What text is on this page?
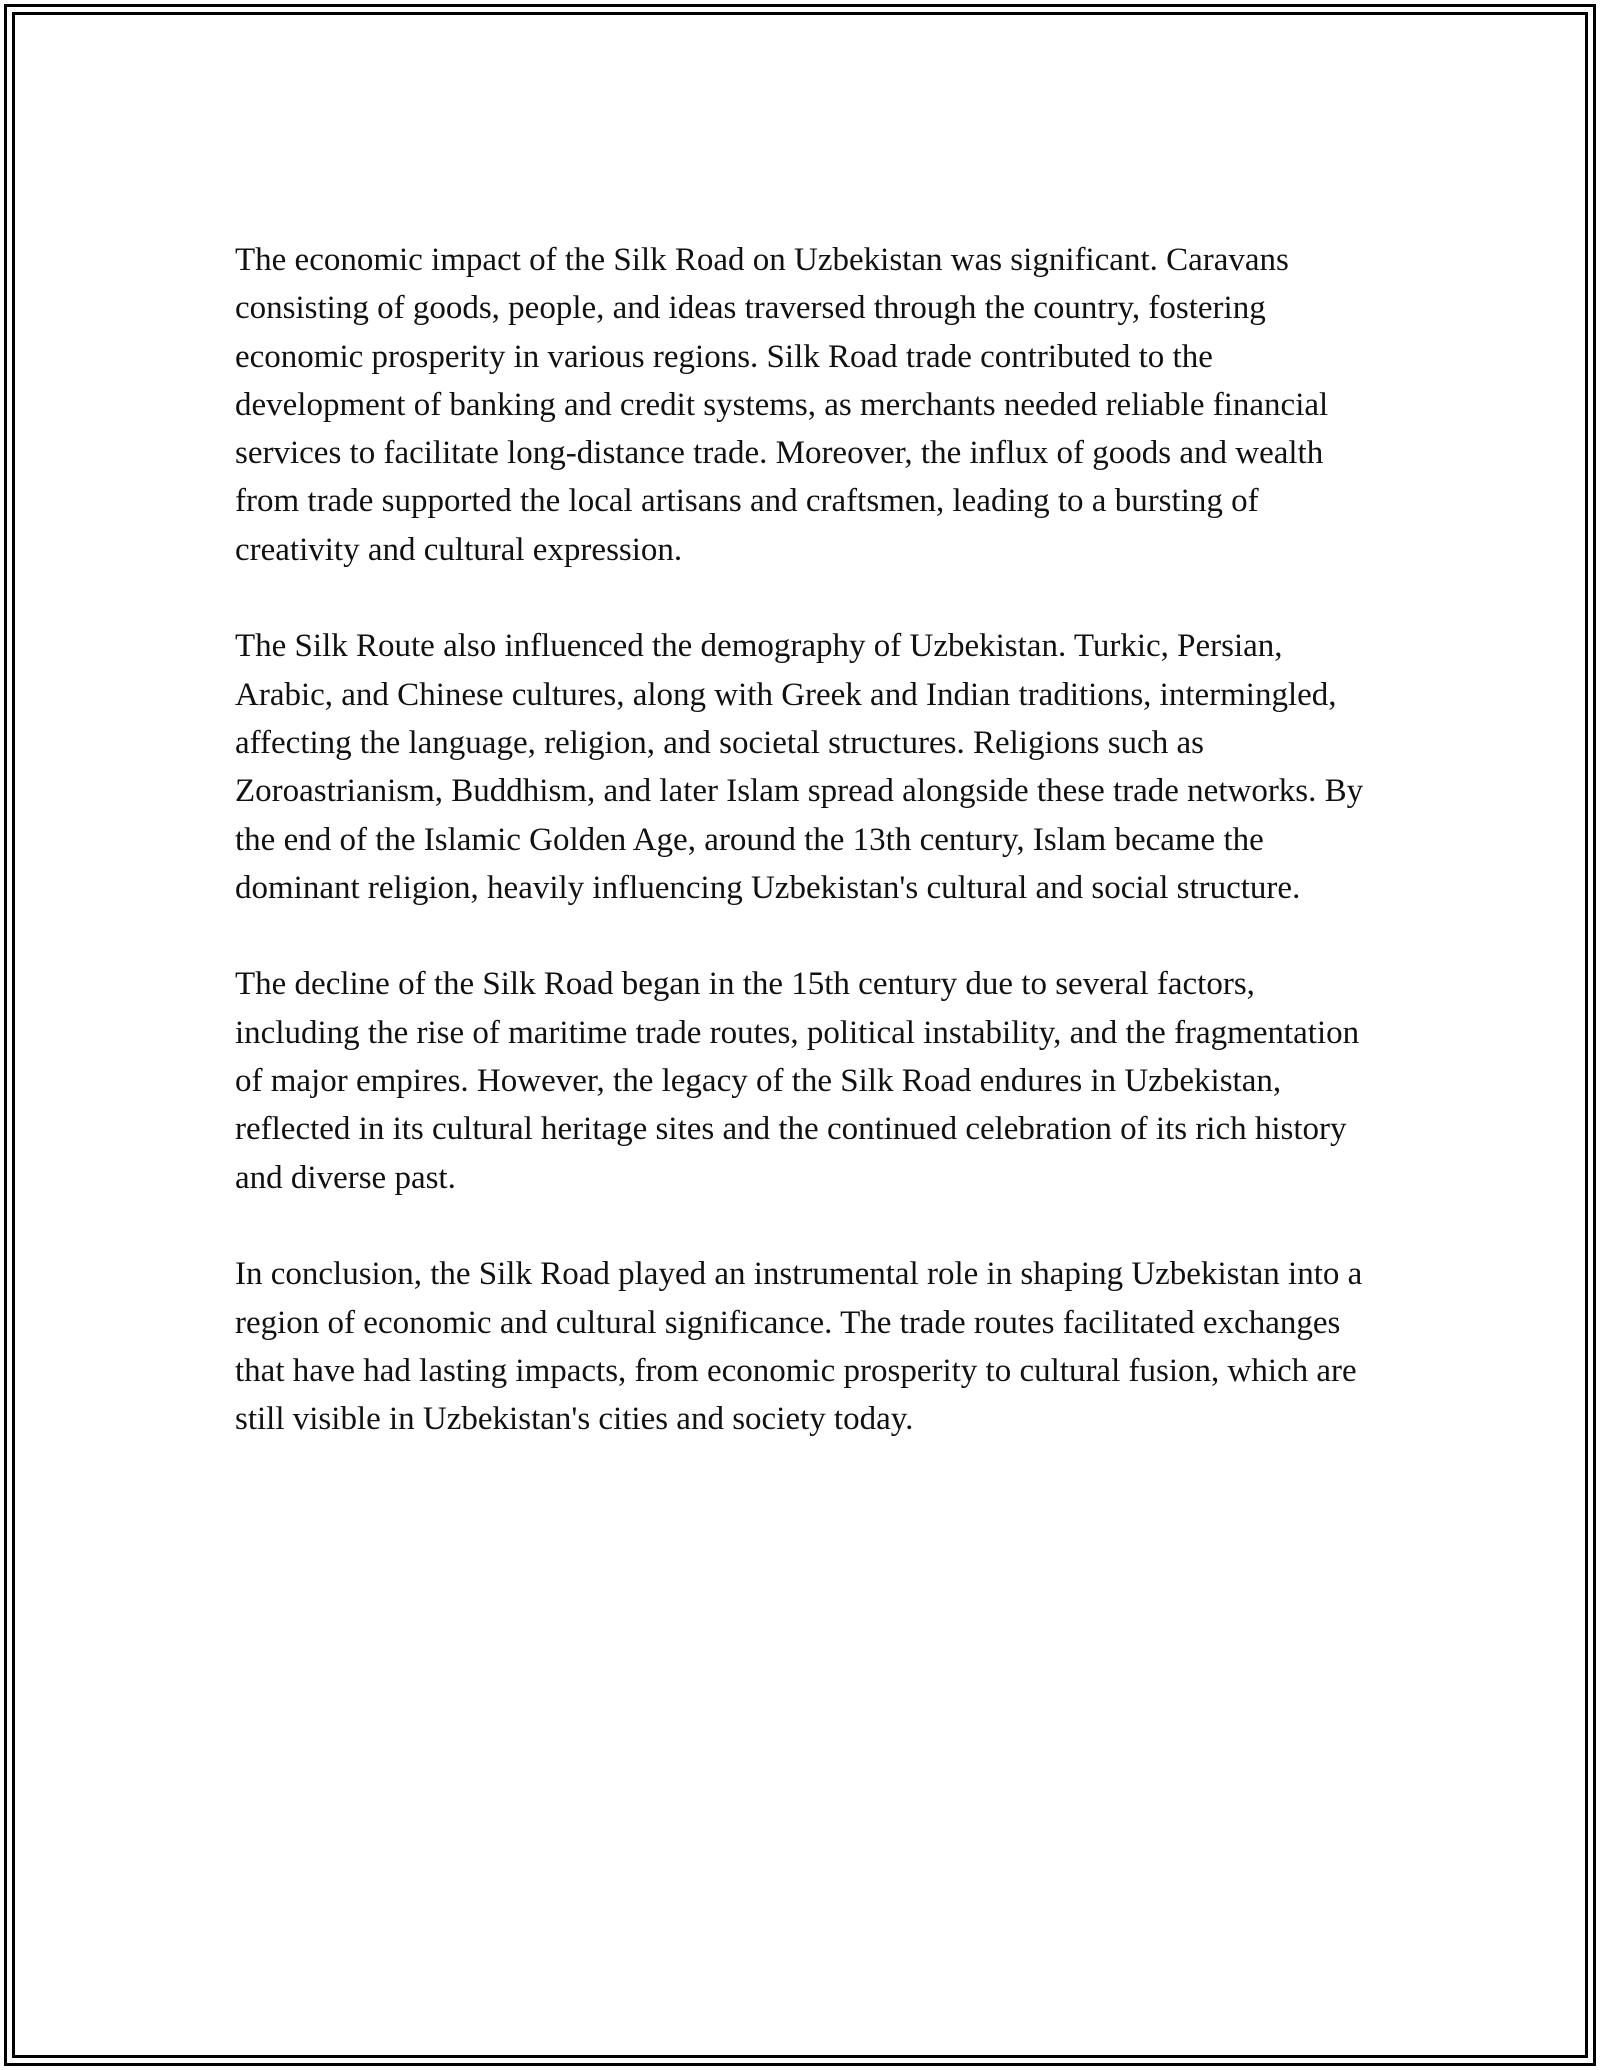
The economic impact of the Silk Road on Uzbekistan was significant. Caravans consisting of goods, people, and ideas traversed through the country, fostering economic prosperity in various regions. Silk Road trade contributed to the development of banking and credit systems, as merchants needed reliable financial services to facilitate long-distance trade. Moreover, the influx of goods and wealth from trade supported the local artisans and craftsmen, leading to a bursting of creativity and cultural expression.

The Silk Route also influenced the demography of Uzbekistan. Turkic, Persian, Arabic, and Chinese cultures, along with Greek and Indian traditions, intermingled, affecting the language, religion, and societal structures. Religions such as Zoroastrianism, Buddhism, and later Islam spread alongside these trade networks. By the end of the Islamic Golden Age, around the 13th century, Islam became the dominant religion, heavily influencing Uzbekistan's cultural and social structure.

The decline of the Silk Road began in the 15th century due to several factors, including the rise of maritime trade routes, political instability, and the fragmentation of major empires. However, the legacy of the Silk Road endures in Uzbekistan, reflected in its cultural heritage sites and the continued celebration of its rich history and diverse past.

In conclusion, the Silk Road played an instrumental role in shaping Uzbekistan into a region of economic and cultural significance. The trade routes facilitated exchanges that have had lasting impacts, from economic prosperity to cultural fusion, which are still visible in Uzbekistan's cities and society today.
